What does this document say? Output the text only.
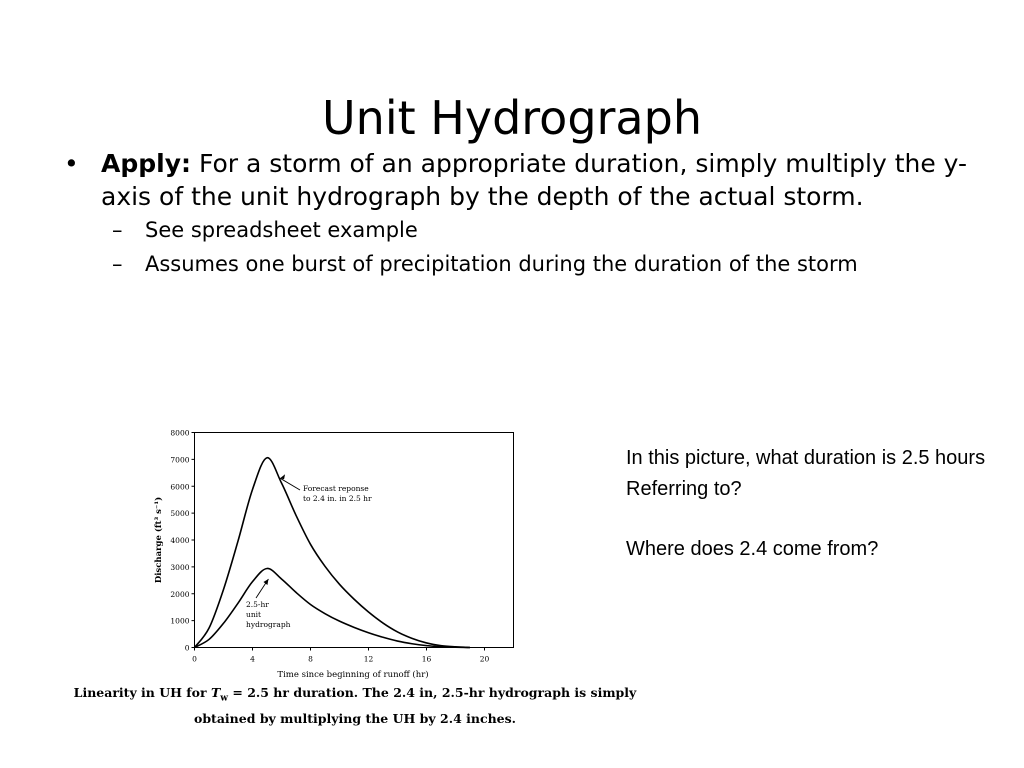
Unit Hydrograph
• Apply: For a storm of an appropriate duration, simply multiply the y-axis of the unit hydrograph by the depth of the actual storm.
–	See spreadsheet example
–	Assumes one burst of precipitation during the duration of the storm
0
1000
2000
3000
4000
5000
6000
7000
8000
0	4	8	12	16	20
Forecast reponse to 2.4 in. in 2.5 hr
2.5-hr unit hydrograph
Time since beginning of runoff (hr)
Discharge (ft³ s⁻¹)
Linearity in UH for $T_w = 2.5$ hr duration. The 2.4 in, 2.5-hr hydrograph is simply
obtained by multiplying the UH by 2.4 inches.

In this picture, what duration is 2.5 hours Referring to?

Where does 2.4 come from?
